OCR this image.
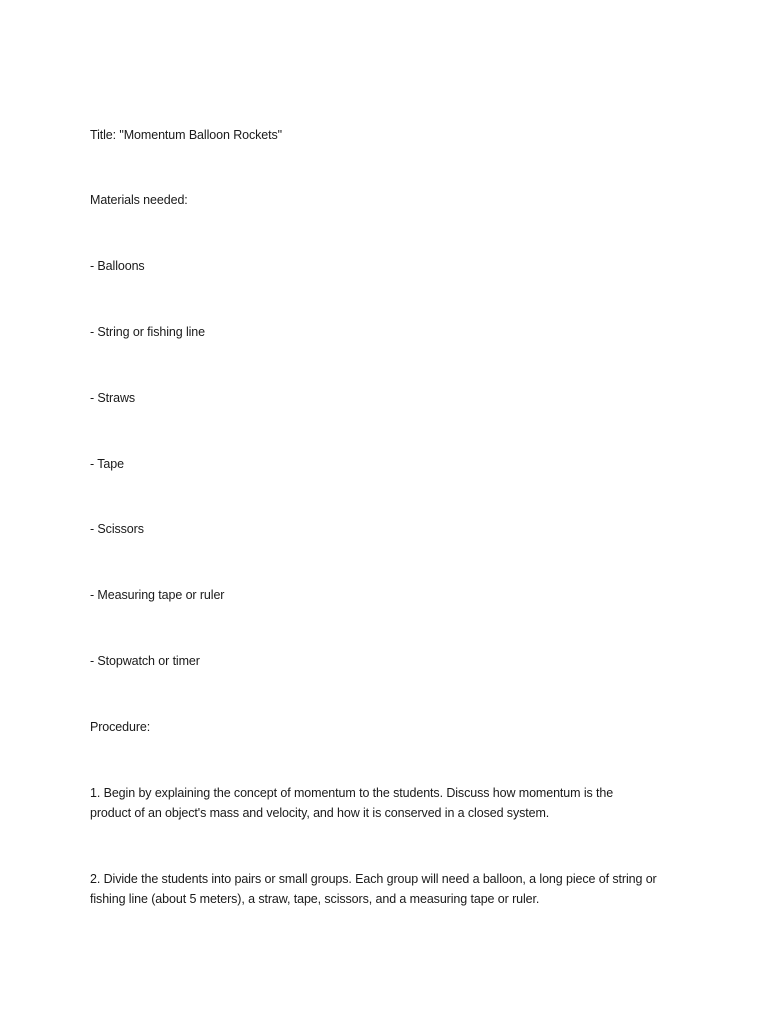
Title: "Momentum Balloon Rockets"
Materials needed:
- Balloons
- String or fishing line
- Straws
- Tape
- Scissors
- Measuring tape or ruler
- Stopwatch or timer
Procedure:
1. Begin by explaining the concept of momentum to the students. Discuss how momentum is the
product of an object's mass and velocity, and how it is conserved in a closed system.
2. Divide the students into pairs or small groups. Each group will need a balloon, a long piece of string or
fishing line (about 5 meters), a straw, tape, scissors, and a measuring tape or ruler.
